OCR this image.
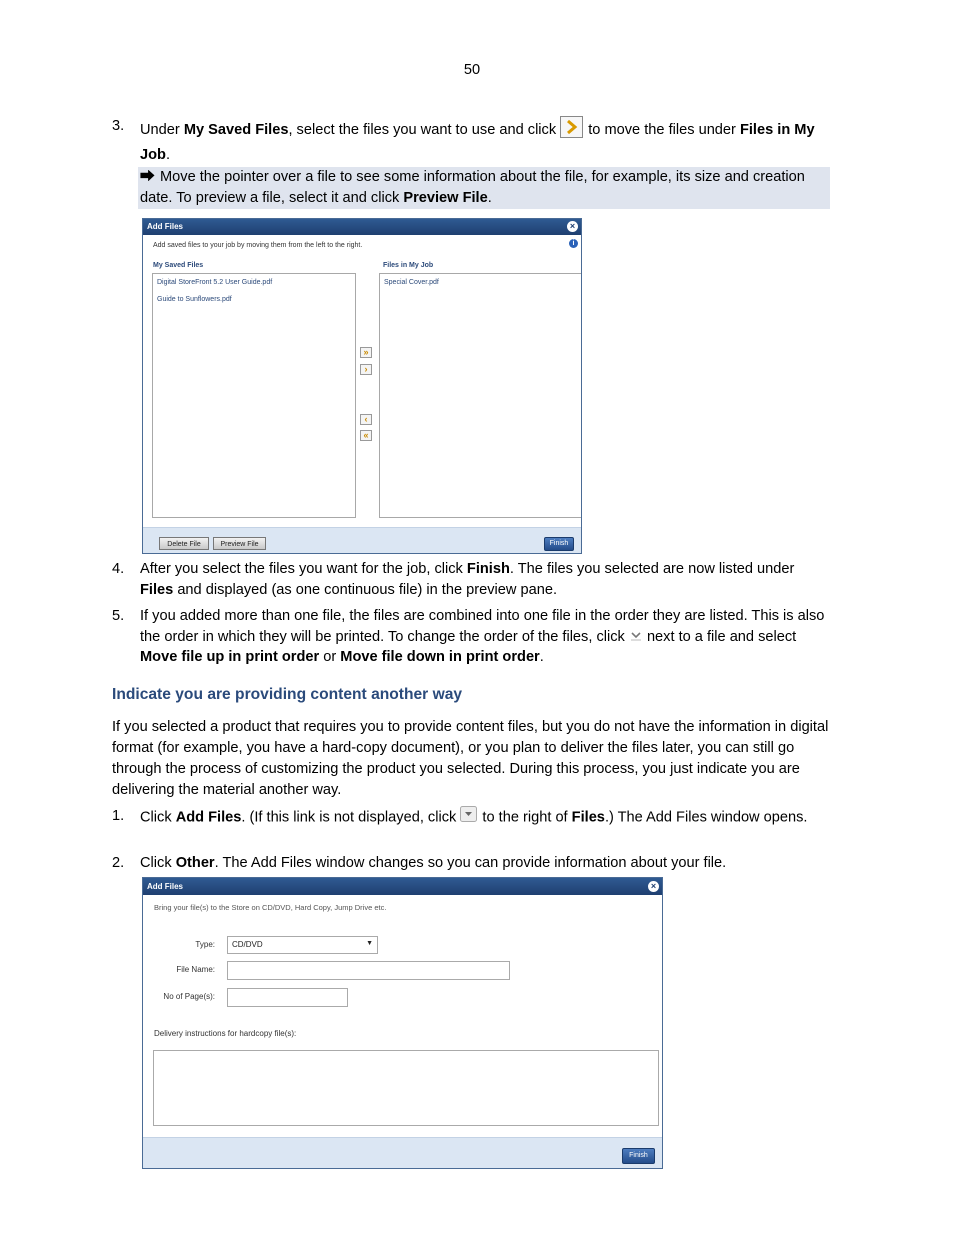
50
3. Under My Saved Files, select the files you want to use and click  to move the files under Files in My Job.
⮕ Move the pointer over a file to see some information about the file, for example, its size and creation date. To preview a file, select it and click Preview File.
Add Files	×
Add saved files to your job by moving them from the left to the right.	i
My Saved Files	Files in My Job
Digital StoreFront 5.2 User Guide.pdf
Guide to Sunflowers.pdf
Special Cover.pdf
»
›
‹
«
Delete File	Preview File	Finish
4. After you select the files you want for the job, click Finish. The files you selected are now listed under Files and displayed (as one continuous file) in the preview pane.
5. If you added more than one file, the files are combined into one file in the order they are listed. This is also the order in which they will be printed. To change the order of the files, click  next to a file and select Move file up in print order or Move file down in print order.
Indicate you are providing content another way
If you selected a product that requires you to provide content files, but you do not have the information in digital format (for example, you have a hard-copy document), or you plan to deliver the files later, you can still go through the process of customizing the product you selected. During this process, you just indicate you are delivering the material another way.
1. Click Add Files. (If this link is not displayed, click  to the right of Files.) The Add Files window opens.
2. Click Other. The Add Files window changes so you can provide information about your file.
Add Files	×
Bring your file(s) to the Store on CD/DVD, Hard Copy, Jump Drive etc.
Type: CD/DVD	▼
File Name:
No of Page(s):
Delivery instructions for hardcopy file(s):
Finish
